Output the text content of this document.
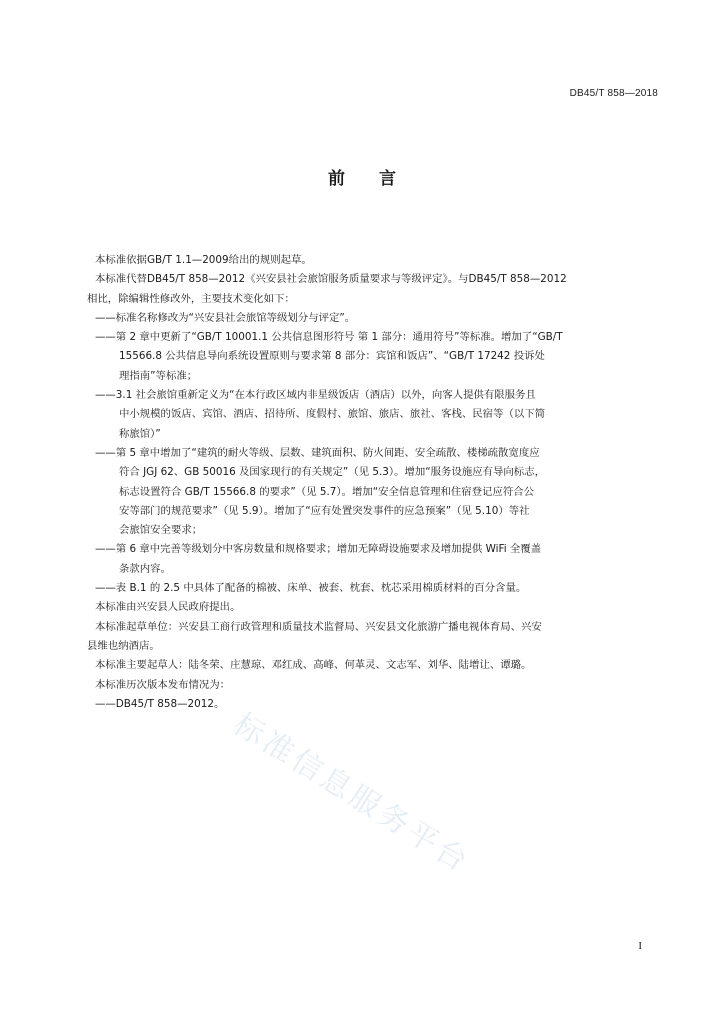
DB45/T 858—2018
前 言
标准信息服务平台
本标准依据GB/T 1.1—2009给出的规则起草。
本标准代替DB45/T 858—2012《兴安县社会旅馆服务质量要求与等级评定》。与DB45/T 858—2012
相比，除编辑性修改外，主要技术变化如下：
——标准名称修改为“兴安县社会旅馆等级划分与评定”。
——第 2 章中更新了“GB/T 10001.1 公共信息图形符号 第 1 部分：通用符号”等标准。增加了“GB/T
15566.8 公共信息导向系统设置原则与要求第 8 部分：宾馆和饭店”、“GB/T 17242 投诉处
理指南”等标准；
——3.1 社会旅馆重新定义为“在本行政区域内非星级饭店（酒店）以外，向客人提供有限服务且
中小规模的饭店、宾馆、酒店、招待所、度假村、旅馆、旅店、旅社、客栈、民宿等（以下简
称旅馆）”
——第 5 章中增加了“建筑的耐火等级、层数、建筑面积、防火间距、安全疏散、楼梯疏散宽度应
符合 JGJ 62、GB 50016 及国家现行的有关规定”（见 5.3）。增加“服务设施应有导向标志，
标志设置符合 GB/T 15566.8 的要求”（见 5.7）。增加“安全信息管理和住宿登记应符合公
安等部门的规范要求”（见 5.9）。增加了“应有处置突发事件的应急预案”（见 5.10）等社
会旅馆安全要求；
——第 6 章中完善等级划分中客房数量和规格要求；增加无障碍设施要求及增加提供 WiFi 全覆盖
条款内容。
——表 B.1 的 2.5 中具体了配备的棉被、床单、被套、枕套、枕芯采用棉质材料的百分含量。
本标准由兴安县人民政府提出。
本标准起草单位：兴安县工商行政管理和质量技术监督局、兴安县文化旅游广播电视体育局、兴安
县维也纳酒店。
本标准主要起草人：陆冬荣、庄慧琼、邓红成、高峰、何革灵、文志军、刘华、陆增让、谭璐。
本标准历次版本发布情况为：
——DB45/T 858—2012。
I
